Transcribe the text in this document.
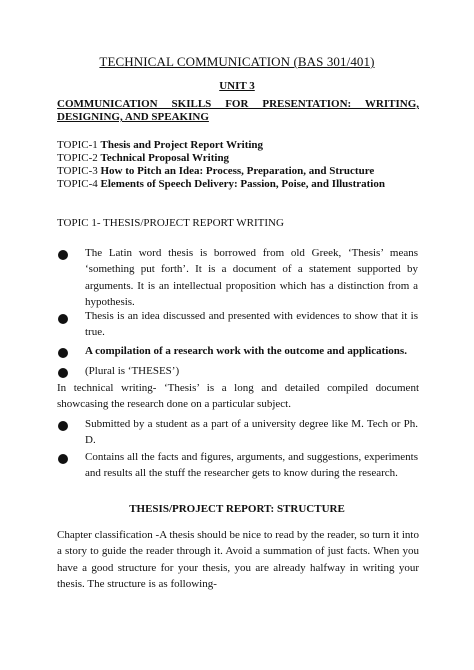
TECHNICAL COMMUNICATION (BAS 301/401)
UNIT 3
COMMUNICATION SKILLS FOR PRESENTATION: WRITING,
DESIGNING, AND SPEAKING
TOPIC-1 Thesis and Project Report Writing
TOPIC-2 Technical Proposal Writing
TOPIC-3 How to Pitch an Idea: Process, Preparation, and Structure
TOPIC-4 Elements of Speech Delivery: Passion, Poise, and Illustration
TOPIC 1- THESIS/PROJECT REPORT WRITING
The Latin word thesis is borrowed from old Greek, ‘Thesis’ means ‘something put forth’. It is a document of a statement supported by arguments. It is an intellectual proposition which has a distinction from a hypothesis.
Thesis is an idea discussed and presented with evidences to show that it is true.
A compilation of a research work with the outcome and applications.
(Plural is ‘THESES’)
In technical writing- ‘Thesis’ is a long and detailed compiled document showcasing the research done on a particular subject.
Submitted by a student as a part of a university degree like M. Tech or Ph. D.
Contains all the facts and figures, arguments, and suggestions, experiments and results all the stuff the researcher gets to know during the research.
THESIS/PROJECT REPORT: STRUCTURE
Chapter classification -A thesis should be nice to read by the reader, so turn it into a story to guide the reader through it. Avoid a summation of just facts. When you have a good structure for your thesis, you are already halfway in writing your thesis. The structure is as following-
